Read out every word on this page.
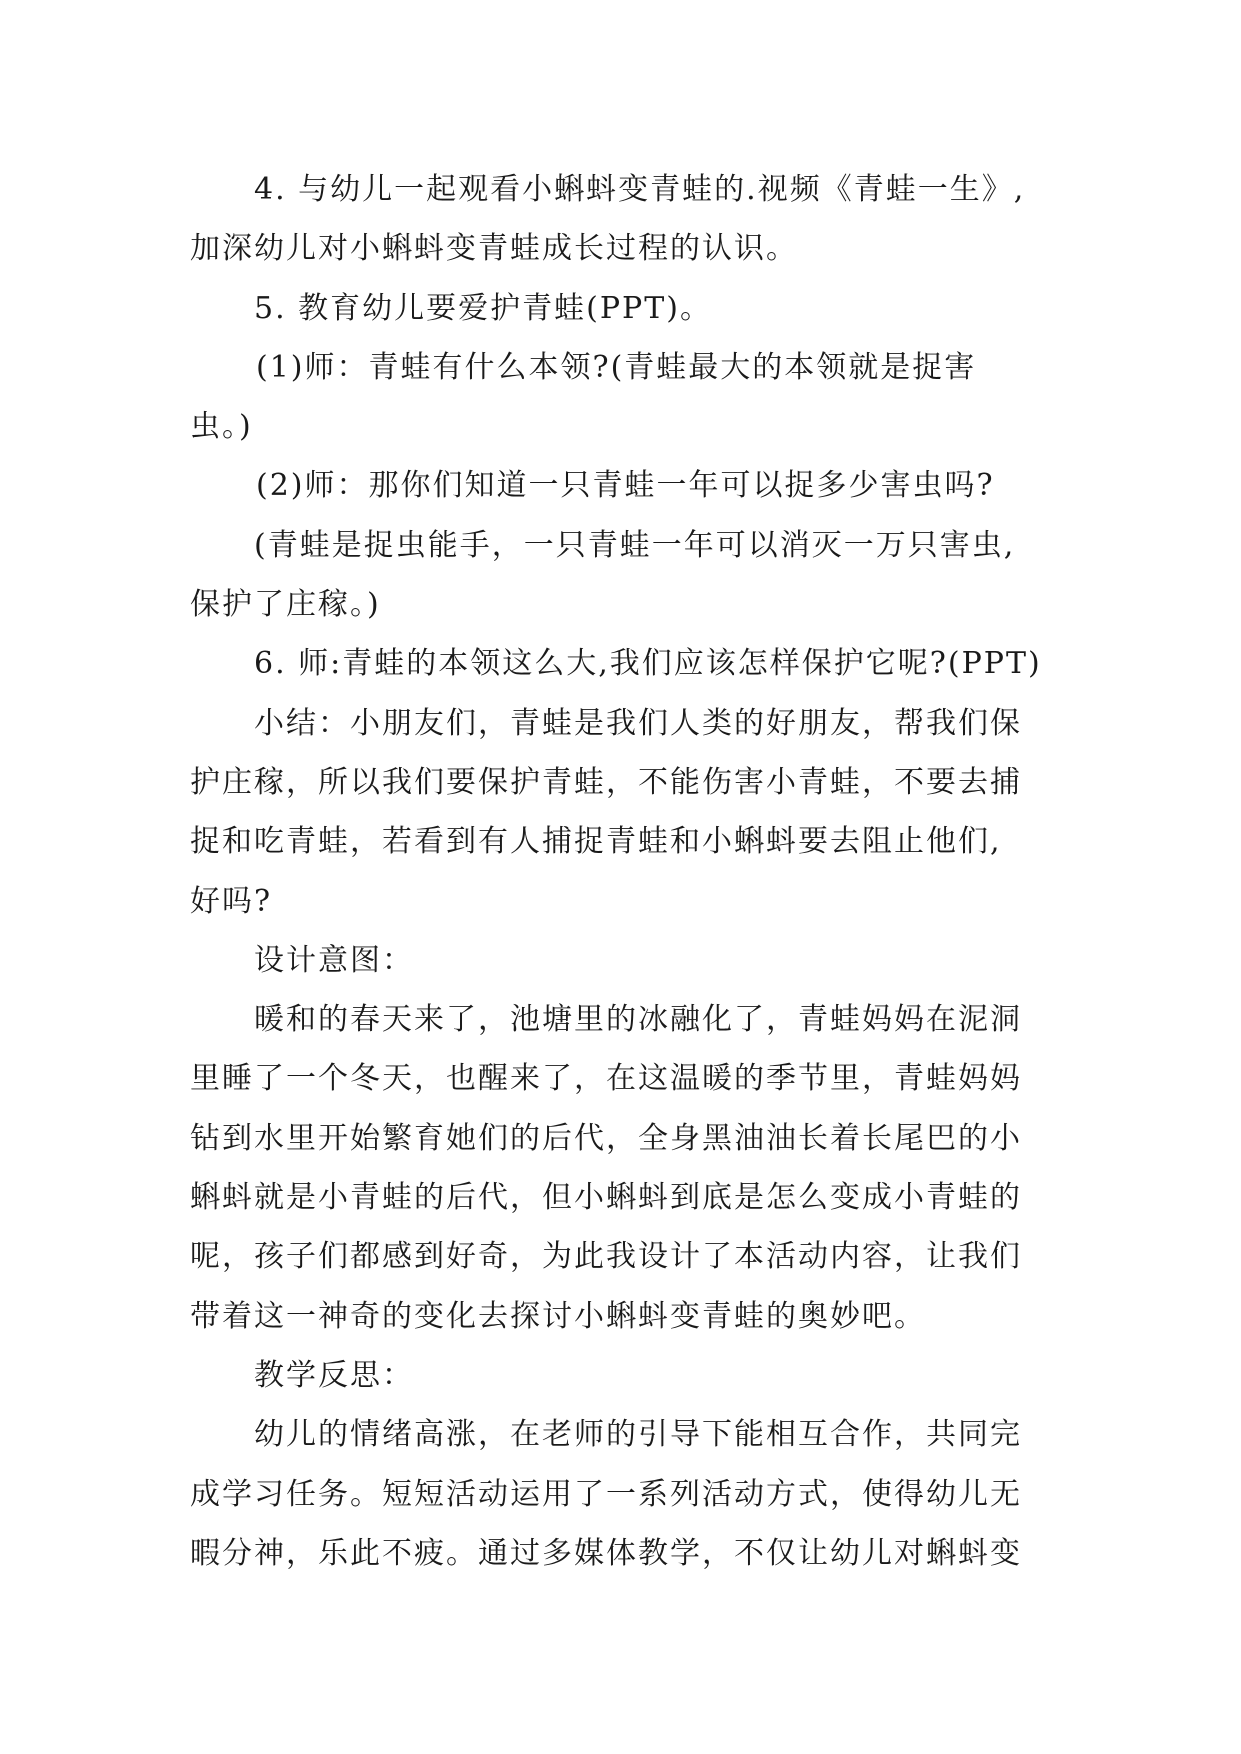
4. 与幼儿一起观看小蝌蚪变青蛙的.视频《青蛙一生》,
加深幼儿对小蝌蚪变青蛙成长过程的认识。
5. 教育幼儿要爱护青蛙(PPT)。
(1)师：青蛙有什么本领?(青蛙最大的本领就是捉害
虫。)
(2)师：那你们知道一只青蛙一年可以捉多少害虫吗?
(青蛙是捉虫能手，一只青蛙一年可以消灭一万只害虫,
保护了庄稼。)
6. 师:青蛙的本领这么大,我们应该怎样保护它呢?(PPT)
小结：小朋友们，青蛙是我们人类的好朋友，帮我们保
护庄稼，所以我们要保护青蛙，不能伤害小青蛙，不要去捕
捉和吃青蛙，若看到有人捕捉青蛙和小蝌蚪要去阻止他们,
好吗?
设计意图：
暖和的春天来了，池塘里的冰融化了，青蛙妈妈在泥洞
里睡了一个冬天，也醒来了，在这温暖的季节里，青蛙妈妈
钻到水里开始繁育她们的后代，全身黑油油长着长尾巴的小
蝌蚪就是小青蛙的后代，但小蝌蚪到底是怎么变成小青蛙的
呢，孩子们都感到好奇，为此我设计了本活动内容，让我们
带着这一神奇的变化去探讨小蝌蚪变青蛙的奥妙吧。
教学反思：
幼儿的情绪高涨，在老师的引导下能相互合作，共同完
成学习任务。短短活动运用了一系列活动方式，使得幼儿无
暇分神，乐此不疲。通过多媒体教学，不仅让幼儿对蝌蚪变
